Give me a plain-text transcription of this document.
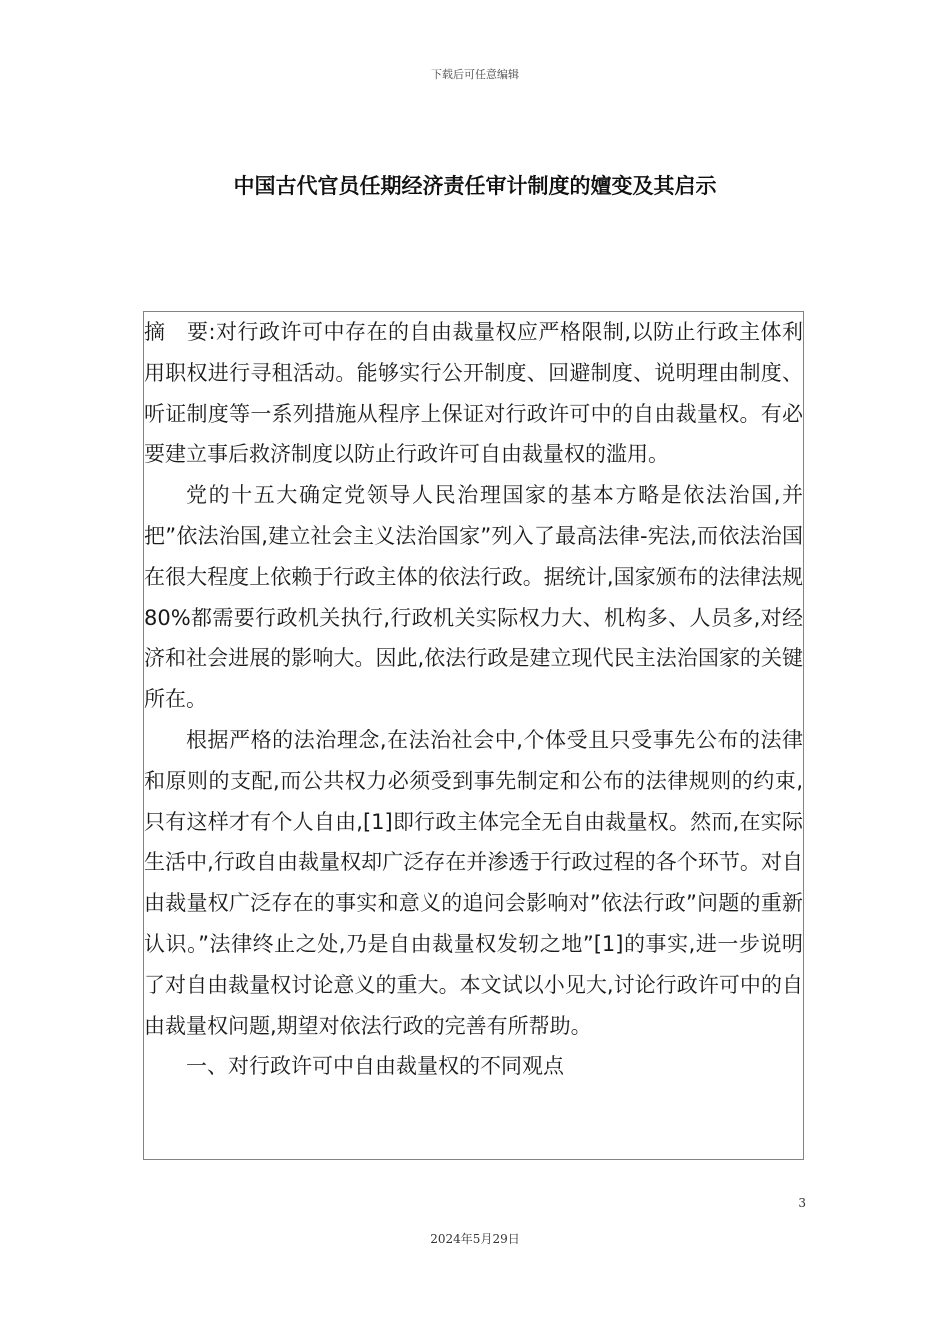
下载后可任意编辑
中国古代官员任期经济责任审计制度的嬗变及其启示

摘　要:对行政许可中存在的自由裁量权应严格限制,以防止行政主体利用职权进行寻租活动。能够实行公开制度、回避制度、说明理由制度、听证制度等一系列措施从程序上保证对行政许可中的自由裁量权。有必要建立事后救济制度以防止行政许可自由裁量权的滥用。

党的十五大确定党领导人民治理国家的基本方略是依法治国,并把”依法治国,建立社会主义法治国家”列入了最高法律-宪法,而依法治国在很大程度上依赖于行政主体的依法行政。据统计,国家颁布的法律法规80%都需要行政机关执行,行政机关实际权力大、机构多、人员多,对经济和社会进展的影响大。因此,依法行政是建立现代民主法治国家的关键所在。

根据严格的法治理念,在法治社会中,个体受且只受事先公布的法律和原则的支配,而公共权力必须受到事先制定和公布的法律规则的约束,只有这样才有个人自由,[1]即行政主体完全无自由裁量权。然而,在实际生活中,行政自由裁量权却广泛存在并渗透于行政过程的各个环节。对自由裁量权广泛存在的事实和意义的追问会影响对”依法行政”问题的重新认识。”法律终止之处,乃是自由裁量权发轫之地”[1]的事实,进一步说明了对自由裁量权讨论意义的重大。本文试以小见大,讨论行政许可中的自由裁量权问题,期望对依法行政的完善有所帮助。

一、对行政许可中自由裁量权的不同观点

3
2024年5月29日
